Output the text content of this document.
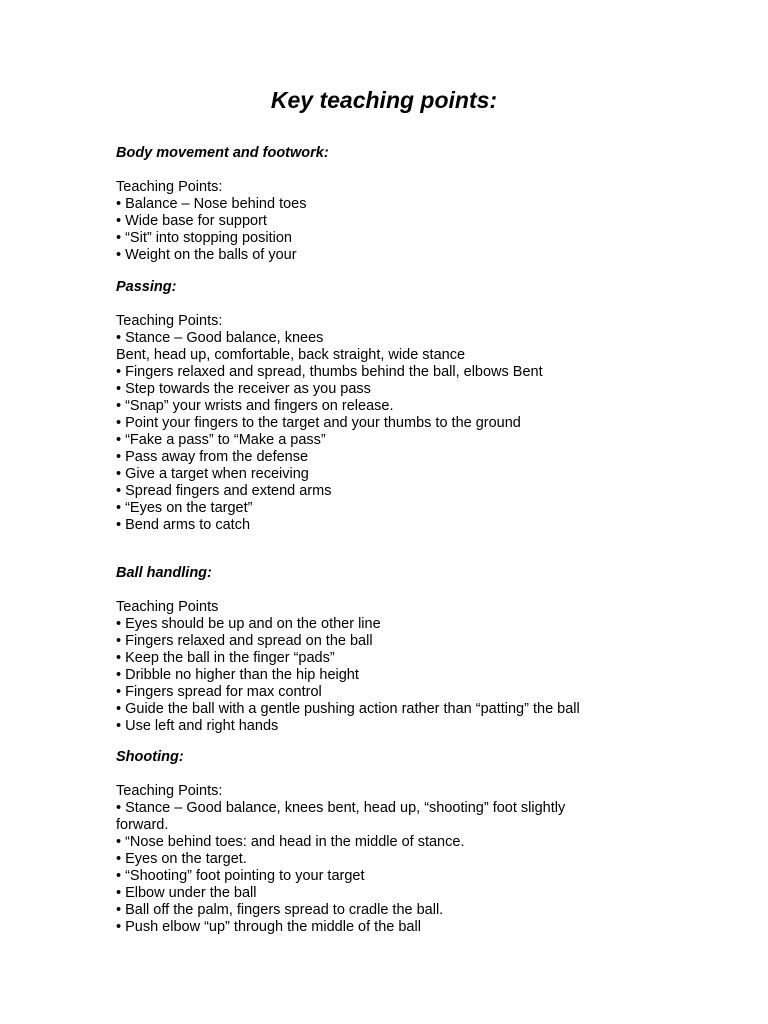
Key teaching points:

Body movement and footwork:

Teaching Points:

• Balance – Nose behind toes
• Wide base for support
• “Sit” into stopping position
• Weight on the balls of your

Passing:

Teaching Points:

• Stance – Good balance, knees
Bent, head up, comfortable, back straight, wide stance
• Fingers relaxed and spread, thumbs behind the ball, elbows Bent
• Step towards the receiver as you pass
• “Snap” your wrists and fingers on release.
• Point your fingers to the target and your thumbs to the ground
• “Fake a pass” to “Make a pass”
• Pass away from the defense
• Give a target when receiving
• Spread fingers and extend arms
• “Eyes on the target”
• Bend arms to catch

Ball handling:

Teaching Points

• Eyes should be up and on the other line
• Fingers relaxed and spread on the ball
• Keep the ball in the finger “pads”
• Dribble no higher than the hip height
• Fingers spread for max control
• Guide the ball with a gentle pushing action rather than “patting” the ball
• Use left and right hands

Shooting:

Teaching Points:

• Stance – Good balance, knees bent, head up, “shooting” foot slightly forward.
• “Nose behind toes: and head in the middle of stance.
• Eyes on the target.
• “Shooting” foot pointing to your target
• Elbow under the ball
• Ball off the palm, fingers spread to cradle the ball.
• Push elbow “up” through the middle of the ball
